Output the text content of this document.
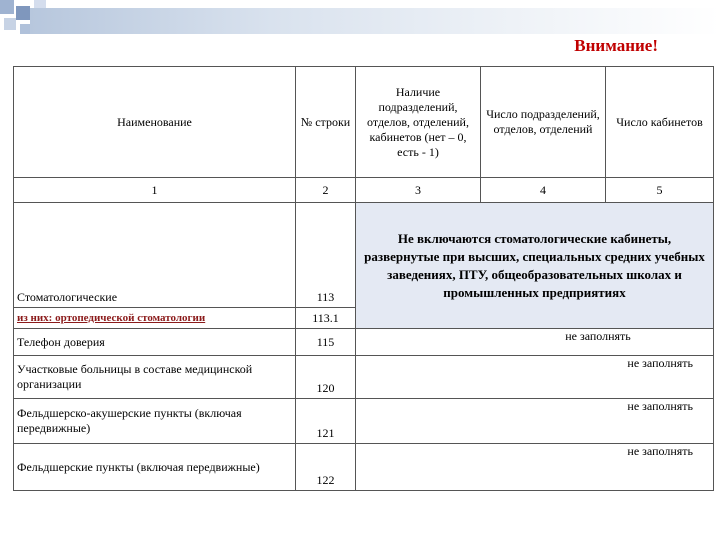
Внимание!
Наименование	№ строки	Наличие подразделений, отделов, отделений, кабинетов (нет – 0, есть - 1)	Число подразделений, отделов, отделений	Число кабинетов
1	2	3	4	5
Стоматологические	113	Не включаются стоматологические кабинеты, развернутые при высших, специальных средних учебных заведениях, ПТУ, общеобразовательных школах и промышленных предприятиях		
из них: ортопедической стоматологии	113.1			
Телефон доверия	115	не заполнять		
Участковые больницы в составе медицинской организации	120	не заполнять		
Фельдшерско-акушерские пункты (включая передвижные)	121	не заполнять		
Фельдшерские пункты (включая передвижные)	122	не заполнять		
